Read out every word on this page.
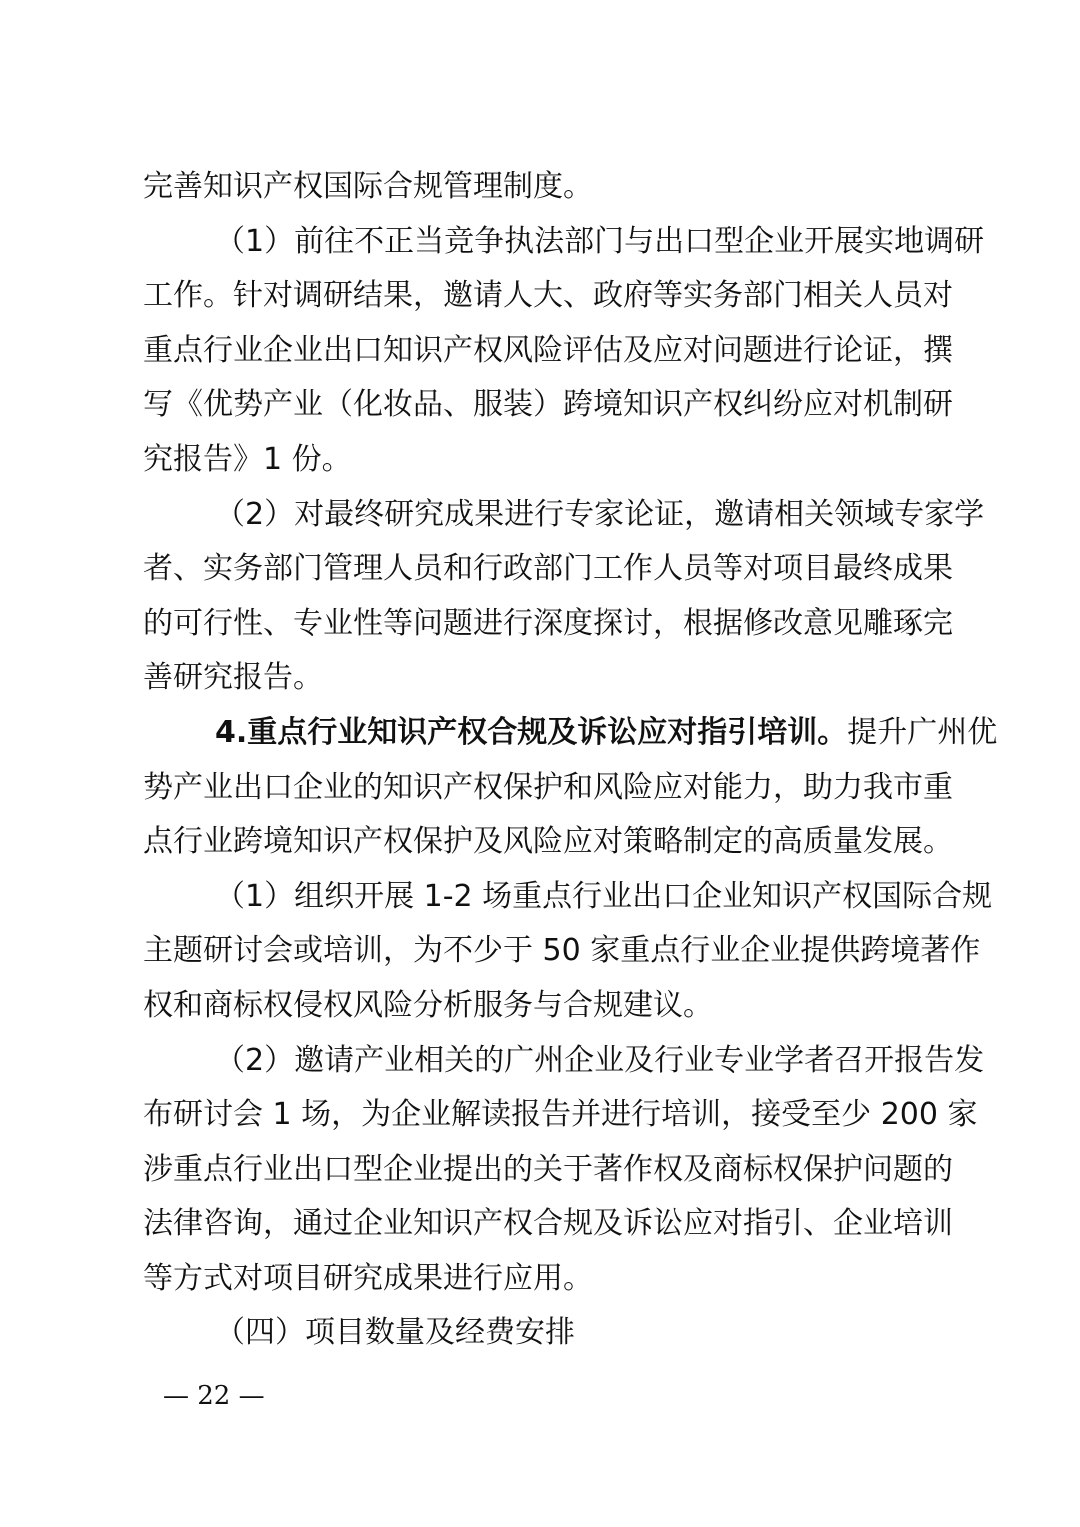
完善知识产权国际合规管理制度。
（1）前往不正当竞争执法部门与出口型企业开展实地调研
工作。针对调研结果，邀请人大、政府等实务部门相关人员对
重点行业企业出口知识产权风险评估及应对问题进行论证，撰
写《优势产业（化妆品、服装）跨境知识产权纠纷应对机制研
究报告》1 份。
（2）对最终研究成果进行专家论证，邀请相关领域专家学
者、实务部门管理人员和行政部门工作人员等对项目最终成果
的可行性、专业性等问题进行深度探讨，根据修改意见雕琢完
善研究报告。
4.重点行业知识产权合规及诉讼应对指引培训。提升广州优
势产业出口企业的知识产权保护和风险应对能力，助力我市重
点行业跨境知识产权保护及风险应对策略制定的高质量发展。
（1）组织开展 1-2 场重点行业出口企业知识产权国际合规
主题研讨会或培训，为不少于 50 家重点行业企业提供跨境著作
权和商标权侵权风险分析服务与合规建议。
（2）邀请产业相关的广州企业及行业专业学者召开报告发
布研讨会 1 场，为企业解读报告并进行培训，接受至少 200 家
涉重点行业出口型企业提出的关于著作权及商标权保护问题的
法律咨询，通过企业知识产权合规及诉讼应对指引、企业培训
等方式对项目研究成果进行应用。
（四）项目数量及经费安排
— 22 —
